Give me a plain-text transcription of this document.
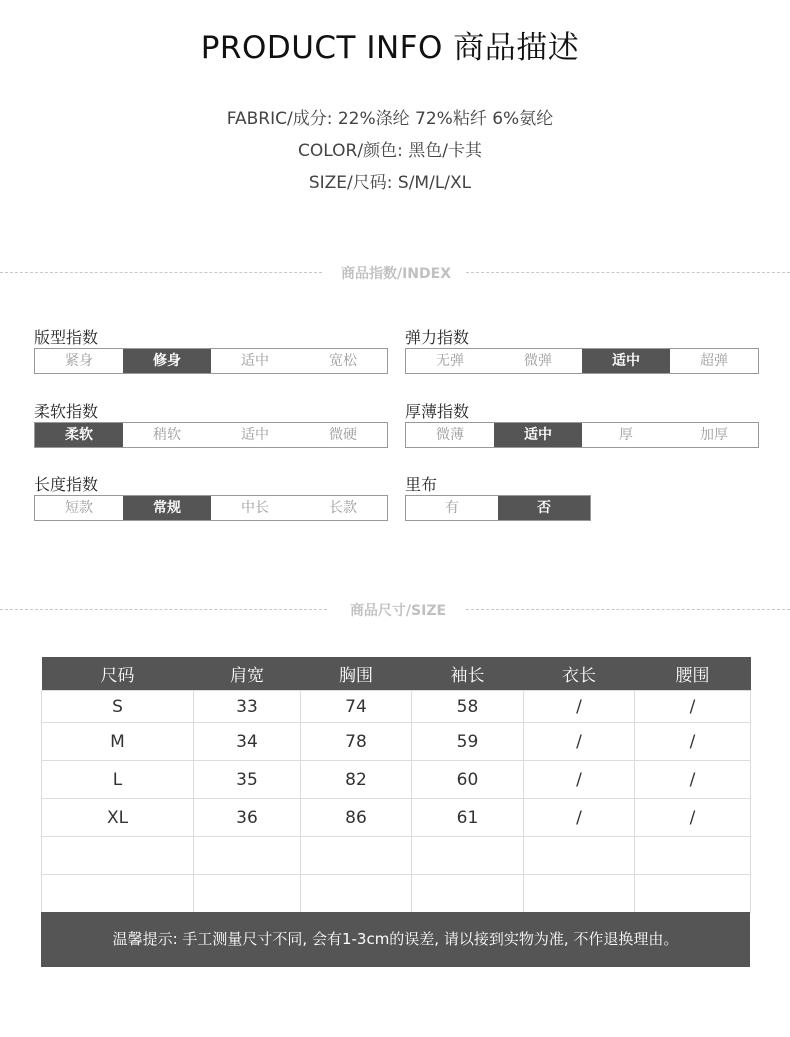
PRODUCT INFO 商品描述
FABRIC/成分: 22%涤纶 72%粘纤 6%氨纶
COLOR/颜色: 黑色/卡其
SIZE/尺码: S/M/L/XL
商品指数/INDEX
版型指数
紧身	修身	适中	宽松
弹力指数
无弹	微弹	适中	超弹
柔软指数
柔软	稍软	适中	微硬
厚薄指数
微薄	适中	厚	加厚
长度指数
短款	常规	中长	长款
里布
有	否
商品尺寸/SIZE
尺码	肩宽	胸围	袖长	衣长	腰围
S	33	74	58	/	/
M	34	78	59	/	/
L	35	82	60	/	/
XL	36	86	61	/	/

温馨提示: 手工测量尺寸不同, 会有1-3cm的误差, 请以接到实物为准, 不作退换理由。
